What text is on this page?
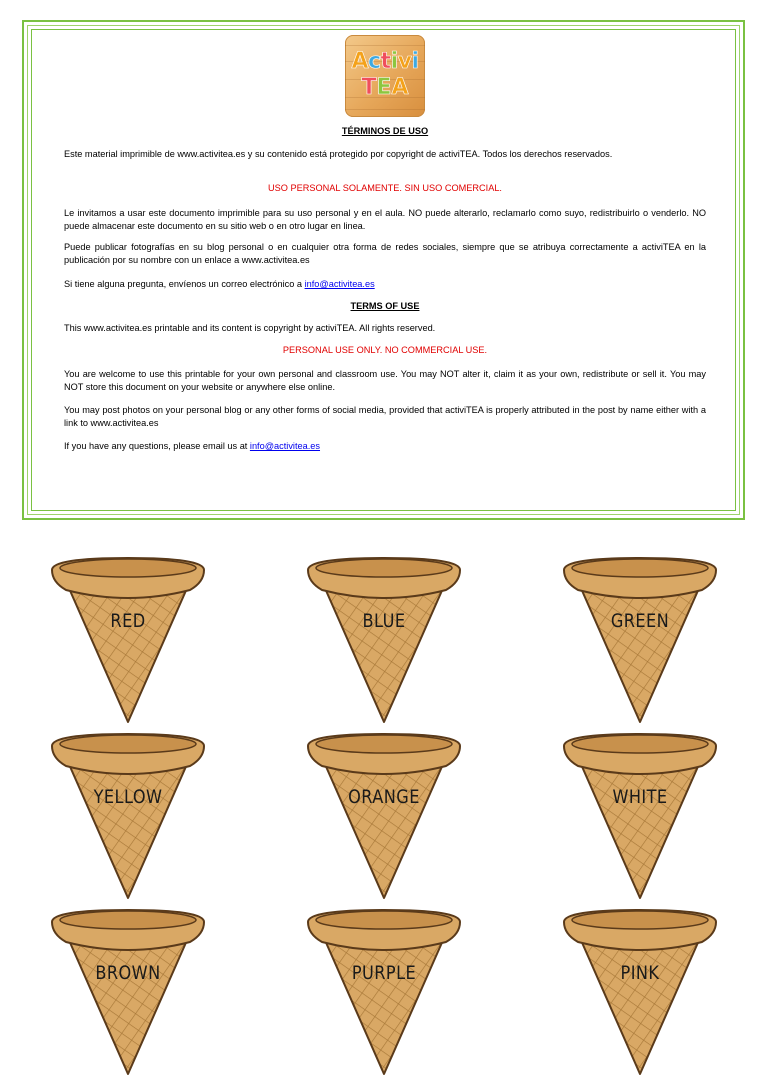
Activi
TEA
TÉRMINOS DE USO
Este material imprimible de www.activitea.es y su contenido está protegido por copyright de activiTEA. Todos los derechos reservados.
USO PERSONAL SOLAMENTE. SIN USO COMERCIAL.
Le invitamos a usar este documento imprimible para su uso personal y en el aula. NO puede alterarlo, reclamarlo como suyo, redistribuirlo o venderlo. NO puede almacenar este documento en su sitio web o en otro lugar en linea.
Puede publicar fotografías en su blog personal o en cualquier otra forma de redes sociales, siempre que se atribuya correctamente a activiTEA en la publicación por su nombre con un enlace a www.activitea.es
Si tiene alguna pregunta, envíenos un correo electrónico a info@activitea.es
TERMS OF USE
This www.activitea.es printable and its content is copyright by activiTEA. All rights reserved.
PERSONAL USE ONLY. NO COMMERCIAL USE.
You are welcome to use this printable for your own personal and classroom use. You may NOT alter it, claim it as your own, redistribute or sell it. You may NOT store this document on your website or anywhere else online.
You may post photos on your personal blog or any other forms of social media, provided that activiTEA is properly attributed in the post by name either with a link to www.activitea.es
If you have any questions, please email us at info@activitea.es
RED	BLUE	GREEN
YELLOW	ORANGE	WHITE
BROWN	PURPLE	PINK
